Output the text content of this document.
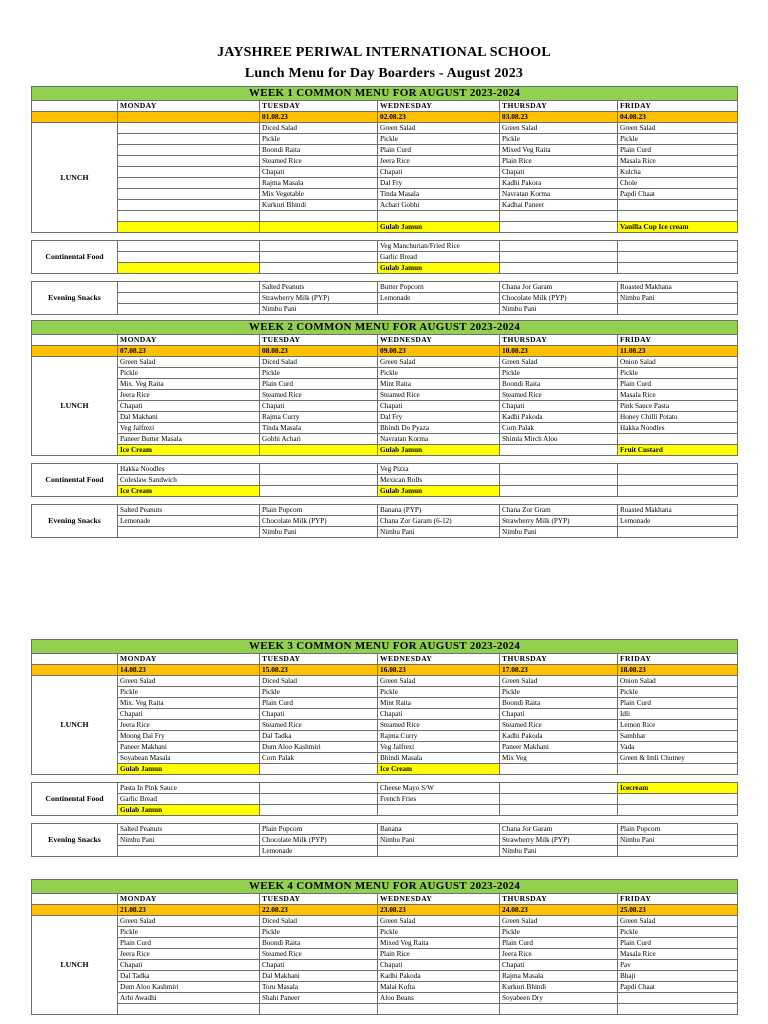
JAYSHREE PERIWAL INTERNATIONAL SCHOOL
Lunch Menu for Day Boarders - August 2023
WEEK 1 COMMON MENU FOR AUGUST 2023-2024					
	MONDAY	TUESDAY	WEDNESDAY	THURSDAY	FRIDAY
		01.08.23	02.08.23	03.08.23	04.08.23
LUNCH		Diced Salad	Green Salad	Green Salad	Green Salad
		Pickle	Pickle	Pickle	Pickle
		Boondi Raita	Plain Curd	Mixed Veg Raita	Plain Curd
		Steamed Rice	Jeera Rice	Plain Rice	Masala Rice
		Chapati	Chapati	Chapati	Kulcha
		Rajma Masala	Dal Fry	Kadhi Pakora	Chole
		Mix Vegetable	Tinda Masala	Navratan Korma	Papdi Chaat
		Kurkuri Bhindi	Achari Gobhi	Kadhai Paneer	

			Gulab Jamun		Vanilla Cup Ice cream

Continental Food			Veg Manchurian/Fried Rice		
			Garlic Bread		
			Gulab Jamun		

Evening Snacks		Salted Peanuts	Butter Popcorn	Chana Jor Garam	Roasted Makhana
		Strawberry Milk (PYP)	Lemonade	Chocolate Milk (PYP)	Nimbu Pani
		Nimbu Pani		Nimbu Pani	
WEEK 2 COMMON MENU FOR AUGUST 2023-2024					
	MONDAY	TUESDAY	WEDNESDAY	THURSDAY	FRIDAY
	07.08.23	08.08.23	09.08.23	10.08.23	11.08.23
LUNCH	Green Salad	Diced Salad	Green Salad	Green Salad	Onion Salad
	Pickle	Pickle	Pickle	Pickle	Pickle
	Mix. Veg Raita	Plain Curd	Mint Raita	Boondi Raita	Plain Curd
	Jeera Rice	Steamed Rice	Steamed Rice	Steamed Rice	Masala Rice
	Chapati	Chapati	Chapati	Chapati	Pink Sauce Pasta
	Dal Makhani	Rajma Curry	Dal Fry	Kadhi Pakoda	Honey Chilli Potato
	Veg Jalfrezi	Tinda Masala	Bhindi Do Pyaza	Corn Palak	Hakka Noodles
	Paneer Butter Masala	Gobhi Achari	Navratan Korma	Shimla Mirch Aloo	
	Ice Cream		Gulab Jamun		Fruit Custard

Continental Food	Hakka Noodles		Veg Pizza		
	Coleslaw Sandwich		Mexican Rolls		
	Ice Cream		Gulab Jamun		

Evening Snacks	Salted Peanuts	Plain Popcorn	Banana (PYP)	Chana Zor Gram	Roasted Makhana
	Lemonade	Chocolate Milk (PYP)	Chana Zor Garam (6-12)	Strawberry Milk (PYP)	Lemonade
		Nimbu Pani	Nimbu Pani	Nimbu Pani	
WEEK 3 COMMON MENU FOR AUGUST 2023-2024					
	MONDAY	TUESDAY	WEDNESDAY	THURSDAY	FRIDAY
	14.08.23	15.08.23	16.08.23	17.08.23	18.08.23
LUNCH	Green Salad	Diced Salad	Green Salad	Green Salad	Onion Salad
	Pickle	Pickle	Pickle	Pickle	Pickle
	Mix. Veg Raita	Plain Curd	Mint Raita	Boondi Raita	Plain Curd
	Chapati	Chapati	Chapati	Chapati	Idli
	Jeera Rice	Steamed Rice	Steamed Rice	Steamed Rice	Lemon Rice
	Moong Dal Fry	Dal Tadka	Rajma Curry	Kadhi Pakoda	Sambhar
	Paneer Makhani	Dum Aloo Kashmiri	Veg Jalfrezi	Paneer Makhani	Vada
	Soyabean Masala	Corn Palak	Bhindi Masala	Mix Veg	Green & Imli Chutney
	Gulab Jamun		Ice Cream		

Continental Food	Pasta In Pink Sauce		Cheese Mayo S/W		Icecream
	Garlic Bread		French Fries		
	Gulab Jamun				

Evening Snacks	Salted Peanuts	Plain Popcorn	Banana	Chana Jor Garam	Plain Popcorn
	Nimbu Pani	Chocolate Milk (PYP)	Nimbu Pani	Strawberry Milk (PYP)	Nimbu Pani
		Lemonade		Nimbu Pani	
WEEK 4 COMMON MENU FOR AUGUST 2023-2024					
	MONDAY	TUESDAY	WEDNESDAY	THURSDAY	FRIDAY
	21.08.23	22.08.23	23.08.23	24.08.23	25.08.23
LUNCH	Green Salad	Diced Salad	Green Salad	Green Salad	Green Salad
	Pickle	Pickle	Pickle	Pickle	Pickle
	Plain Curd	Boondi Raita	Mixed Veg Raita	Plain Curd	Plain Curd
	Jeera Rice	Steamed Rice	Plain Rice	Jeera Rice	Masala Rice
	Chapati	Chapati	Chapati	Chapati	Pav
	Dal Tadka	Dal Makhani	Kadhi Pakoda	Rajma Masala	Bhaji
	Dum Aloo Kashmiri	Toru Masala	Malai Kofta	Kurkuri Bhindi	Papdi Chaat
	Arbi Awadhi	Shahi Paneer	Aloo Beans	Soyabeen Dry	
